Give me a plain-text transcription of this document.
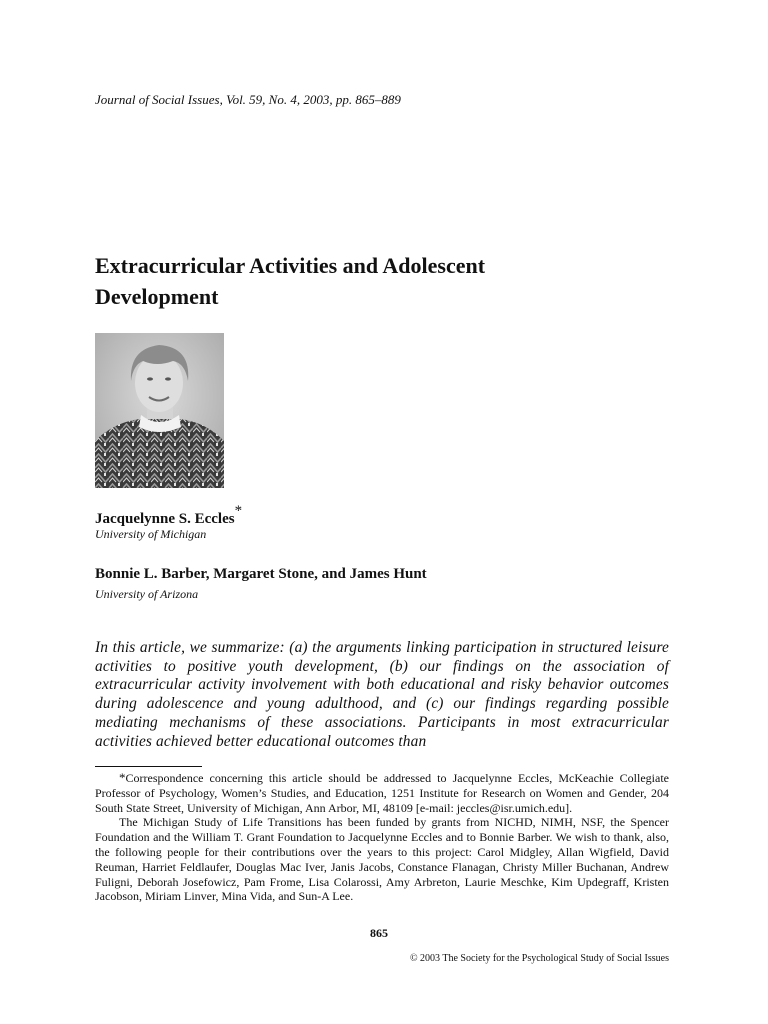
Journal of Social Issues, Vol. 59, No. 4, 2003, pp. 865–889
Extracurricular Activities and Adolescent
Development
Jacquelynne S. Eccles*
University of Michigan
Bonnie L. Barber, Margaret Stone, and James Hunt
University of Arizona

In this article, we summarize: (a) the arguments linking participation in structured leisure activities to positive youth development, (b) our findings on the association of extracurricular activity involvement with both educational and risky behavior outcomes during adolescence and young adulthood, and (c) our findings regarding possible mediating mechanisms of these associations. Participants in most extracurricular activities achieved better educational outcomes than

*Correspondence concerning this article should be addressed to Jacquelynne Eccles, McKeachie Collegiate Professor of Psychology, Women’s Studies, and Education, 1251 Institute for Research on Women and Gender, 204 South State Street, University of Michigan, Ann Arbor, MI, 48109 [e-mail: jeccles@isr.umich.edu].

The Michigan Study of Life Transitions has been funded by grants from NICHD, NIMH, NSF, the Spencer Foundation and the William T. Grant Foundation to Jacquelynne Eccles and to Bonnie Barber. We wish to thank, also, the following people for their contributions over the years to this project: Carol Midgley, Allan Wigfield, David Reuman, Harriet Feldlaufer, Douglas Mac Iver, Janis Jacobs, Constance Flanagan, Christy Miller Buchanan, Andrew Fuligni, Deborah Josefowicz, Pam Frome, Lisa Colarossi, Amy Arbreton, Laurie Meschke, Kim Updegraff, Kristen Jacobson, Miriam Linver, Mina Vida, and Sun-A Lee.

865
© 2003 The Society for the Psychological Study of Social Issues
